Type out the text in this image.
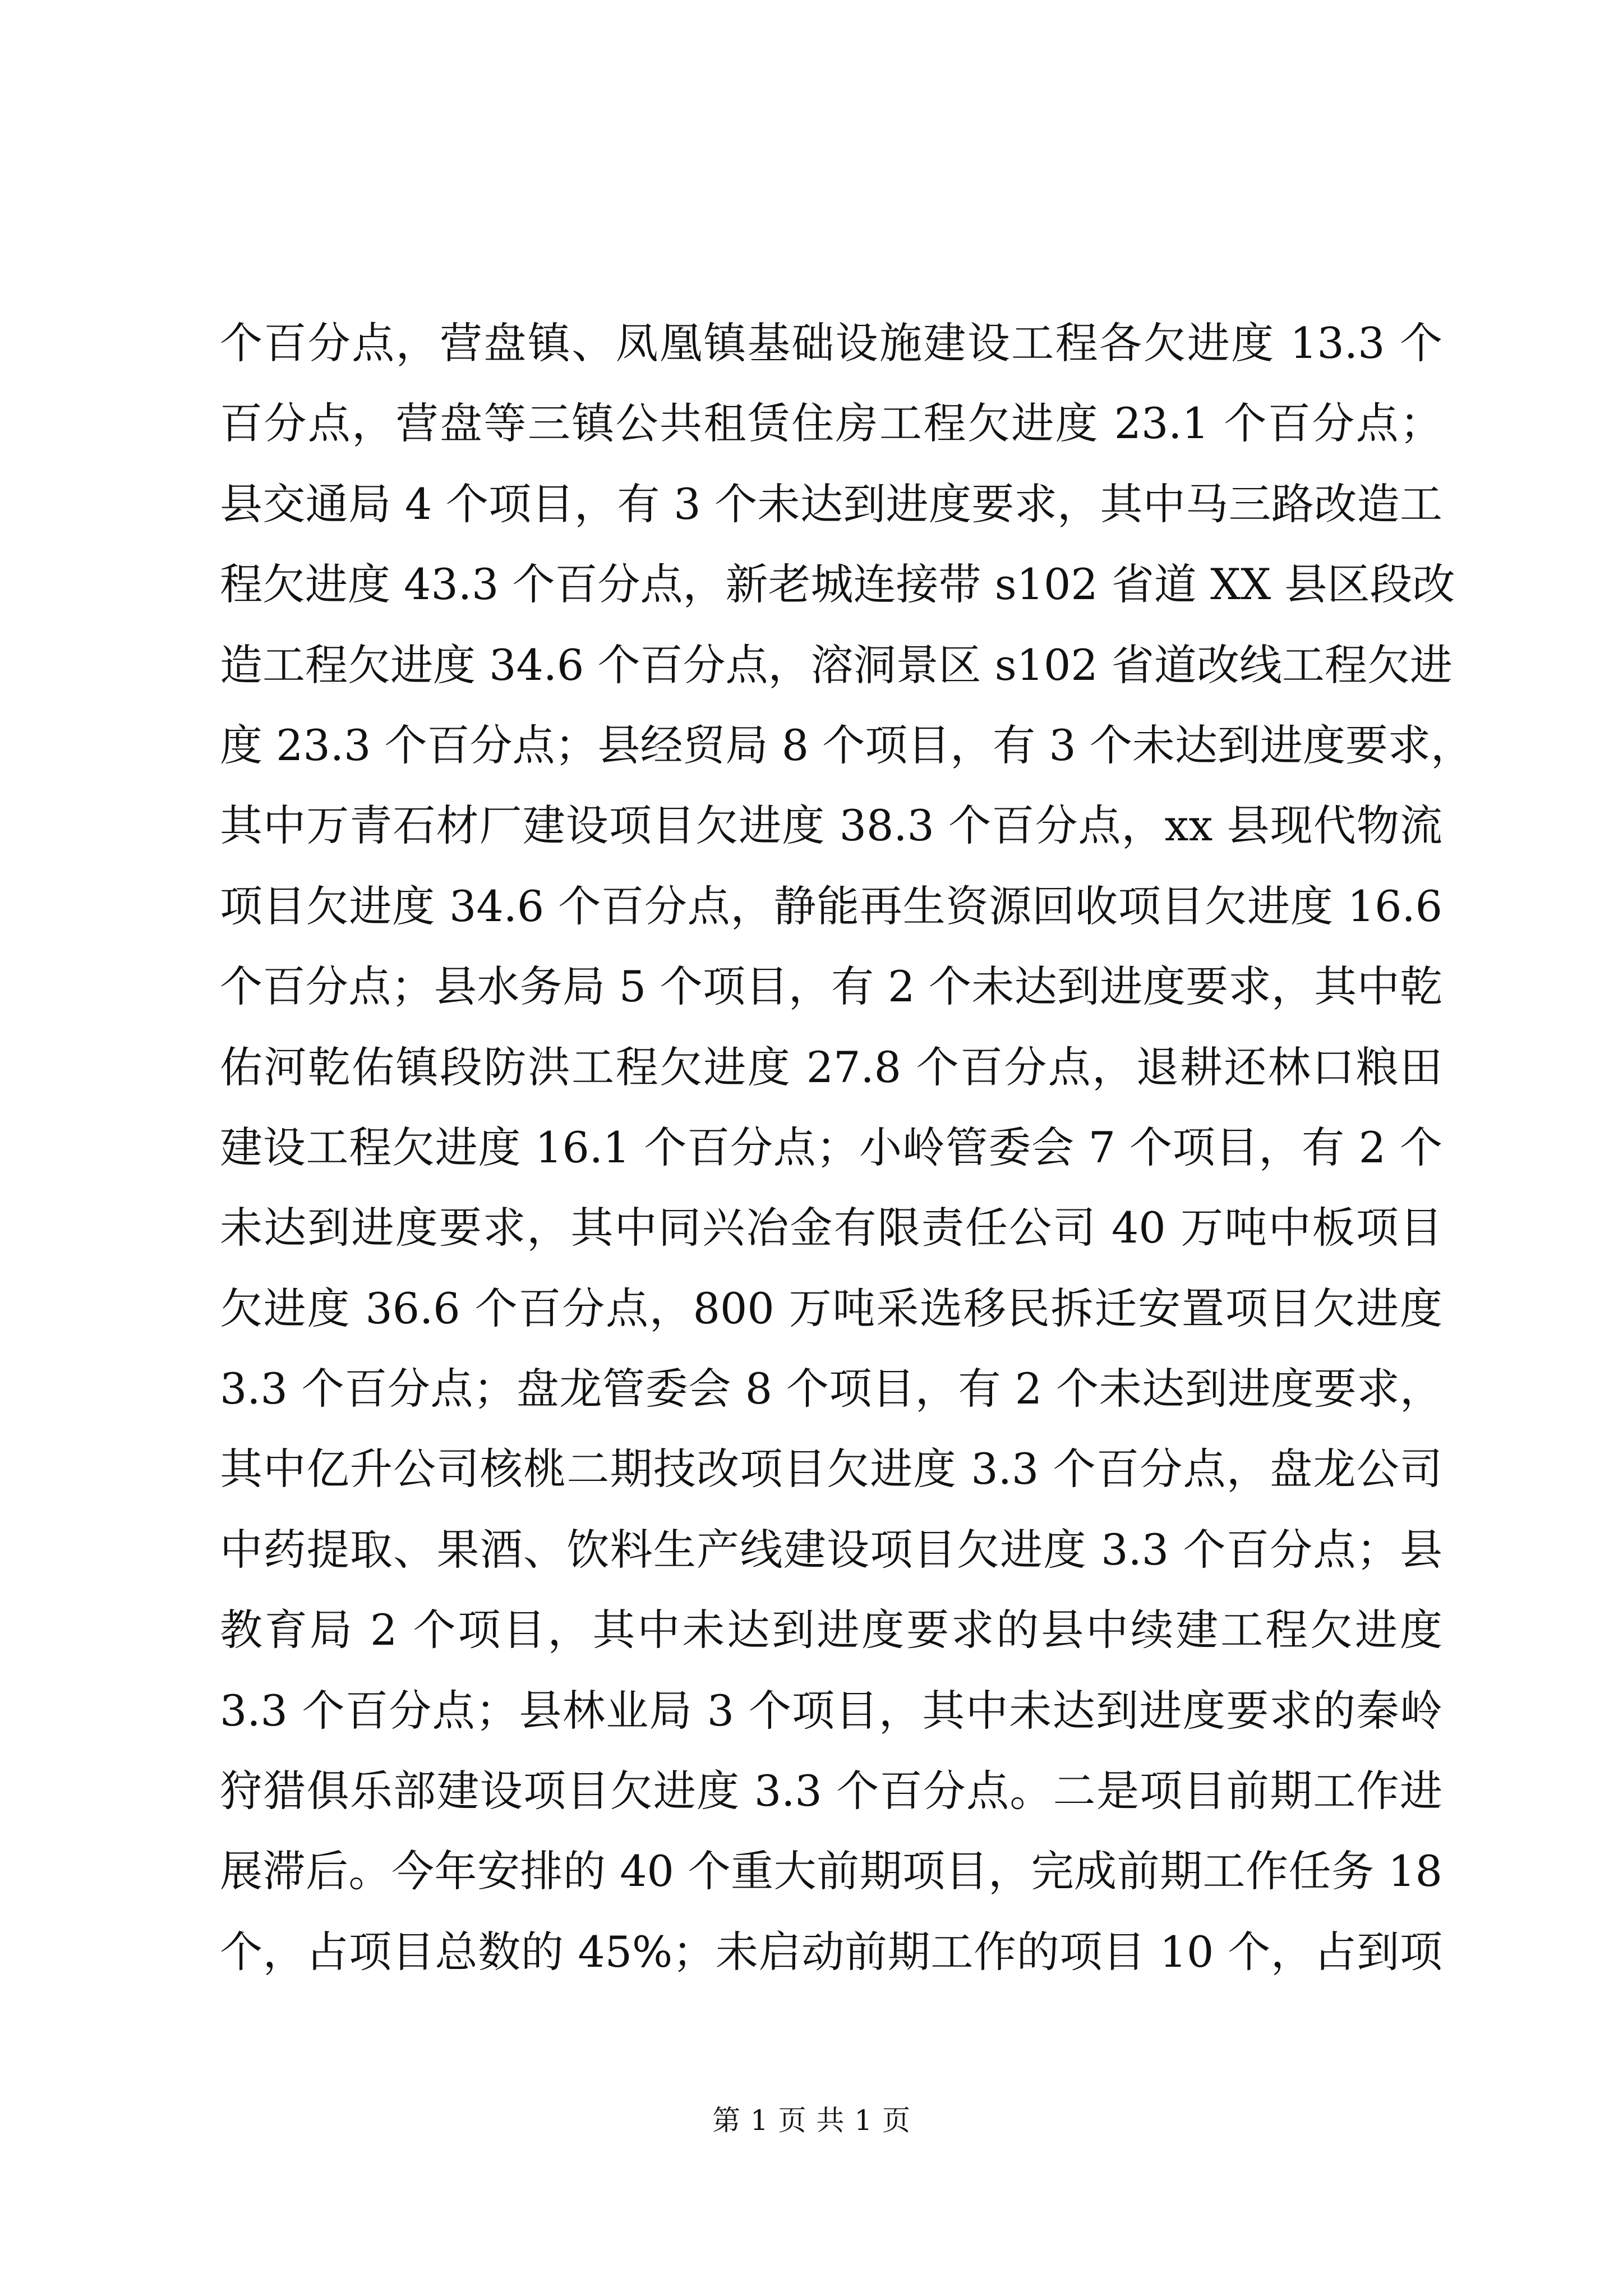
个百分点，营盘镇、凤凰镇基础设施建设工程各欠进度 13.3 个
百分点，营盘等三镇公共租赁住房工程欠进度 23.1 个百分点；
县交通局 4 个项目，有 3 个未达到进度要求，其中马三路改造工
程欠进度 43.3 个百分点，新老城连接带 s102 省道 XX 县区段改
造工程欠进度 34.6 个百分点，溶洞景区 s102 省道改线工程欠进
度 23.3 个百分点；县经贸局 8 个项目，有 3 个未达到进度要求，
其中万青石材厂建设项目欠进度 38.3 个百分点，xx 县现代物流
项目欠进度 34.6 个百分点，静能再生资源回收项目欠进度 16.6
个百分点；县水务局 5 个项目，有 2 个未达到进度要求，其中乾
佑河乾佑镇段防洪工程欠进度 27.8 个百分点，退耕还林口粮田
建设工程欠进度 16.1 个百分点；小岭管委会 7 个项目，有 2 个
未达到进度要求，其中同兴冶金有限责任公司 40 万吨中板项目
欠进度 36.6 个百分点，800 万吨采选移民拆迁安置项目欠进度
3.3 个百分点；盘龙管委会 8 个项目，有 2 个未达到进度要求，
其中亿升公司核桃二期技改项目欠进度 3.3 个百分点，盘龙公司
中药提取、果酒、饮料生产线建设项目欠进度 3.3 个百分点；县
教育局 2 个项目，其中未达到进度要求的县中续建工程欠进度
3.3 个百分点；县林业局 3 个项目，其中未达到进度要求的秦岭
狩猎俱乐部建设项目欠进度 3.3 个百分点。二是项目前期工作进
展滞后。今年安排的 40 个重大前期项目，完成前期工作任务 18
个，占项目总数的 45%；未启动前期工作的项目 10 个，占到项
第 1 页 共 1 页
